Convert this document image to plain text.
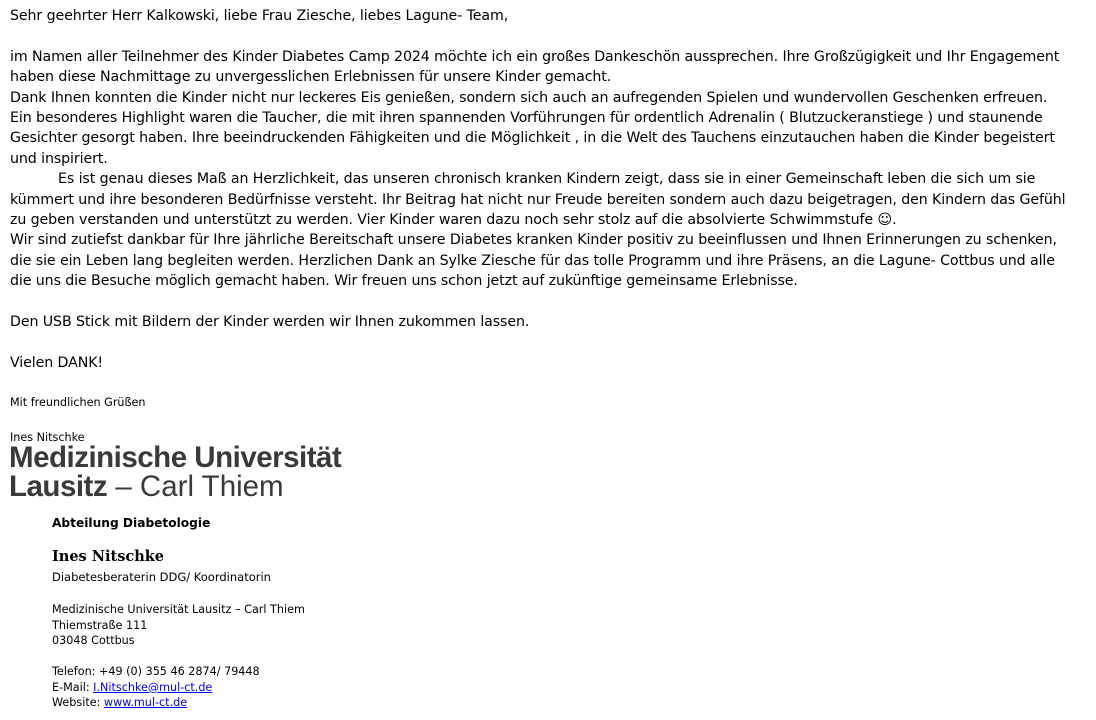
Sehr geehrter Herr Kalkowski, liebe Frau Ziesche, liebes Lagune- Team,

im Namen aller Teilnehmer des Kinder Diabetes Camp 2024 möchte ich ein großes Dankeschön aussprechen. Ihre Großzügigkeit und Ihr Engagement

haben diese Nachmittage zu unvergesslichen Erlebnissen für unsere Kinder gemacht.

Dank Ihnen konnten die Kinder nicht nur leckeres Eis genießen, sondern sich auch an aufregenden Spielen und wundervollen Geschenken erfreuen.

Ein besonderes Highlight waren die Taucher, die mit ihren spannenden Vorführungen für ordentlich Adrenalin ( Blutzuckeranstiege ) und staunende

Gesichter gesorgt haben. Ihre beeindruckenden Fähigkeiten und die Möglichkeit , in die Welt des Tauchens einzutauchen haben die Kinder begeistert

und inspiriert.

Es ist genau dieses Maß an Herzlichkeit, das unseren chronisch kranken Kindern zeigt, dass sie in einer Gemeinschaft leben die sich um sie

kümmert und ihre besonderen Bedürfnisse versteht. Ihr Beitrag hat nicht nur Freude bereiten sondern auch dazu beigetragen, den Kindern das Gefühl

zu geben verstanden und unterstützt zu werden. Vier Kinder waren dazu noch sehr stolz auf die absolvierte Schwimmstufe ☺.

Wir sind zutiefst dankbar für Ihre jährliche Bereitschaft unsere Diabetes kranken Kinder positiv zu beeinflussen und Ihnen Erinnerungen zu schenken,

die sie ein Leben lang begleiten werden. Herzlichen Dank an Sylke Ziesche für das tolle Programm und ihre Präsens, an die Lagune- Cottbus und alle

die uns die Besuche möglich gemacht haben. Wir freuen uns schon jetzt auf zukünftige gemeinsame Erlebnisse.

Den USB Stick mit Bildern der Kinder werden wir Ihnen zukommen lassen.

Vielen DANK!

Mit freundlichen Grüßen
Ines Nitschke
Medizinische Universität
Lausitz – Carl Thiem
Abteilung Diabetologie
Ines Nitschke
Diabetesberaterin DDG/ Koordinatorin
Medizinische Universität Lausitz – Carl Thiem
Thiemstraße 111
03048 Cottbus
Telefon: +49 (0) 355 46 2874/ 79448
E-Mail: I.Nitschke@mul-ct.de
Website: www.mul-ct.de
